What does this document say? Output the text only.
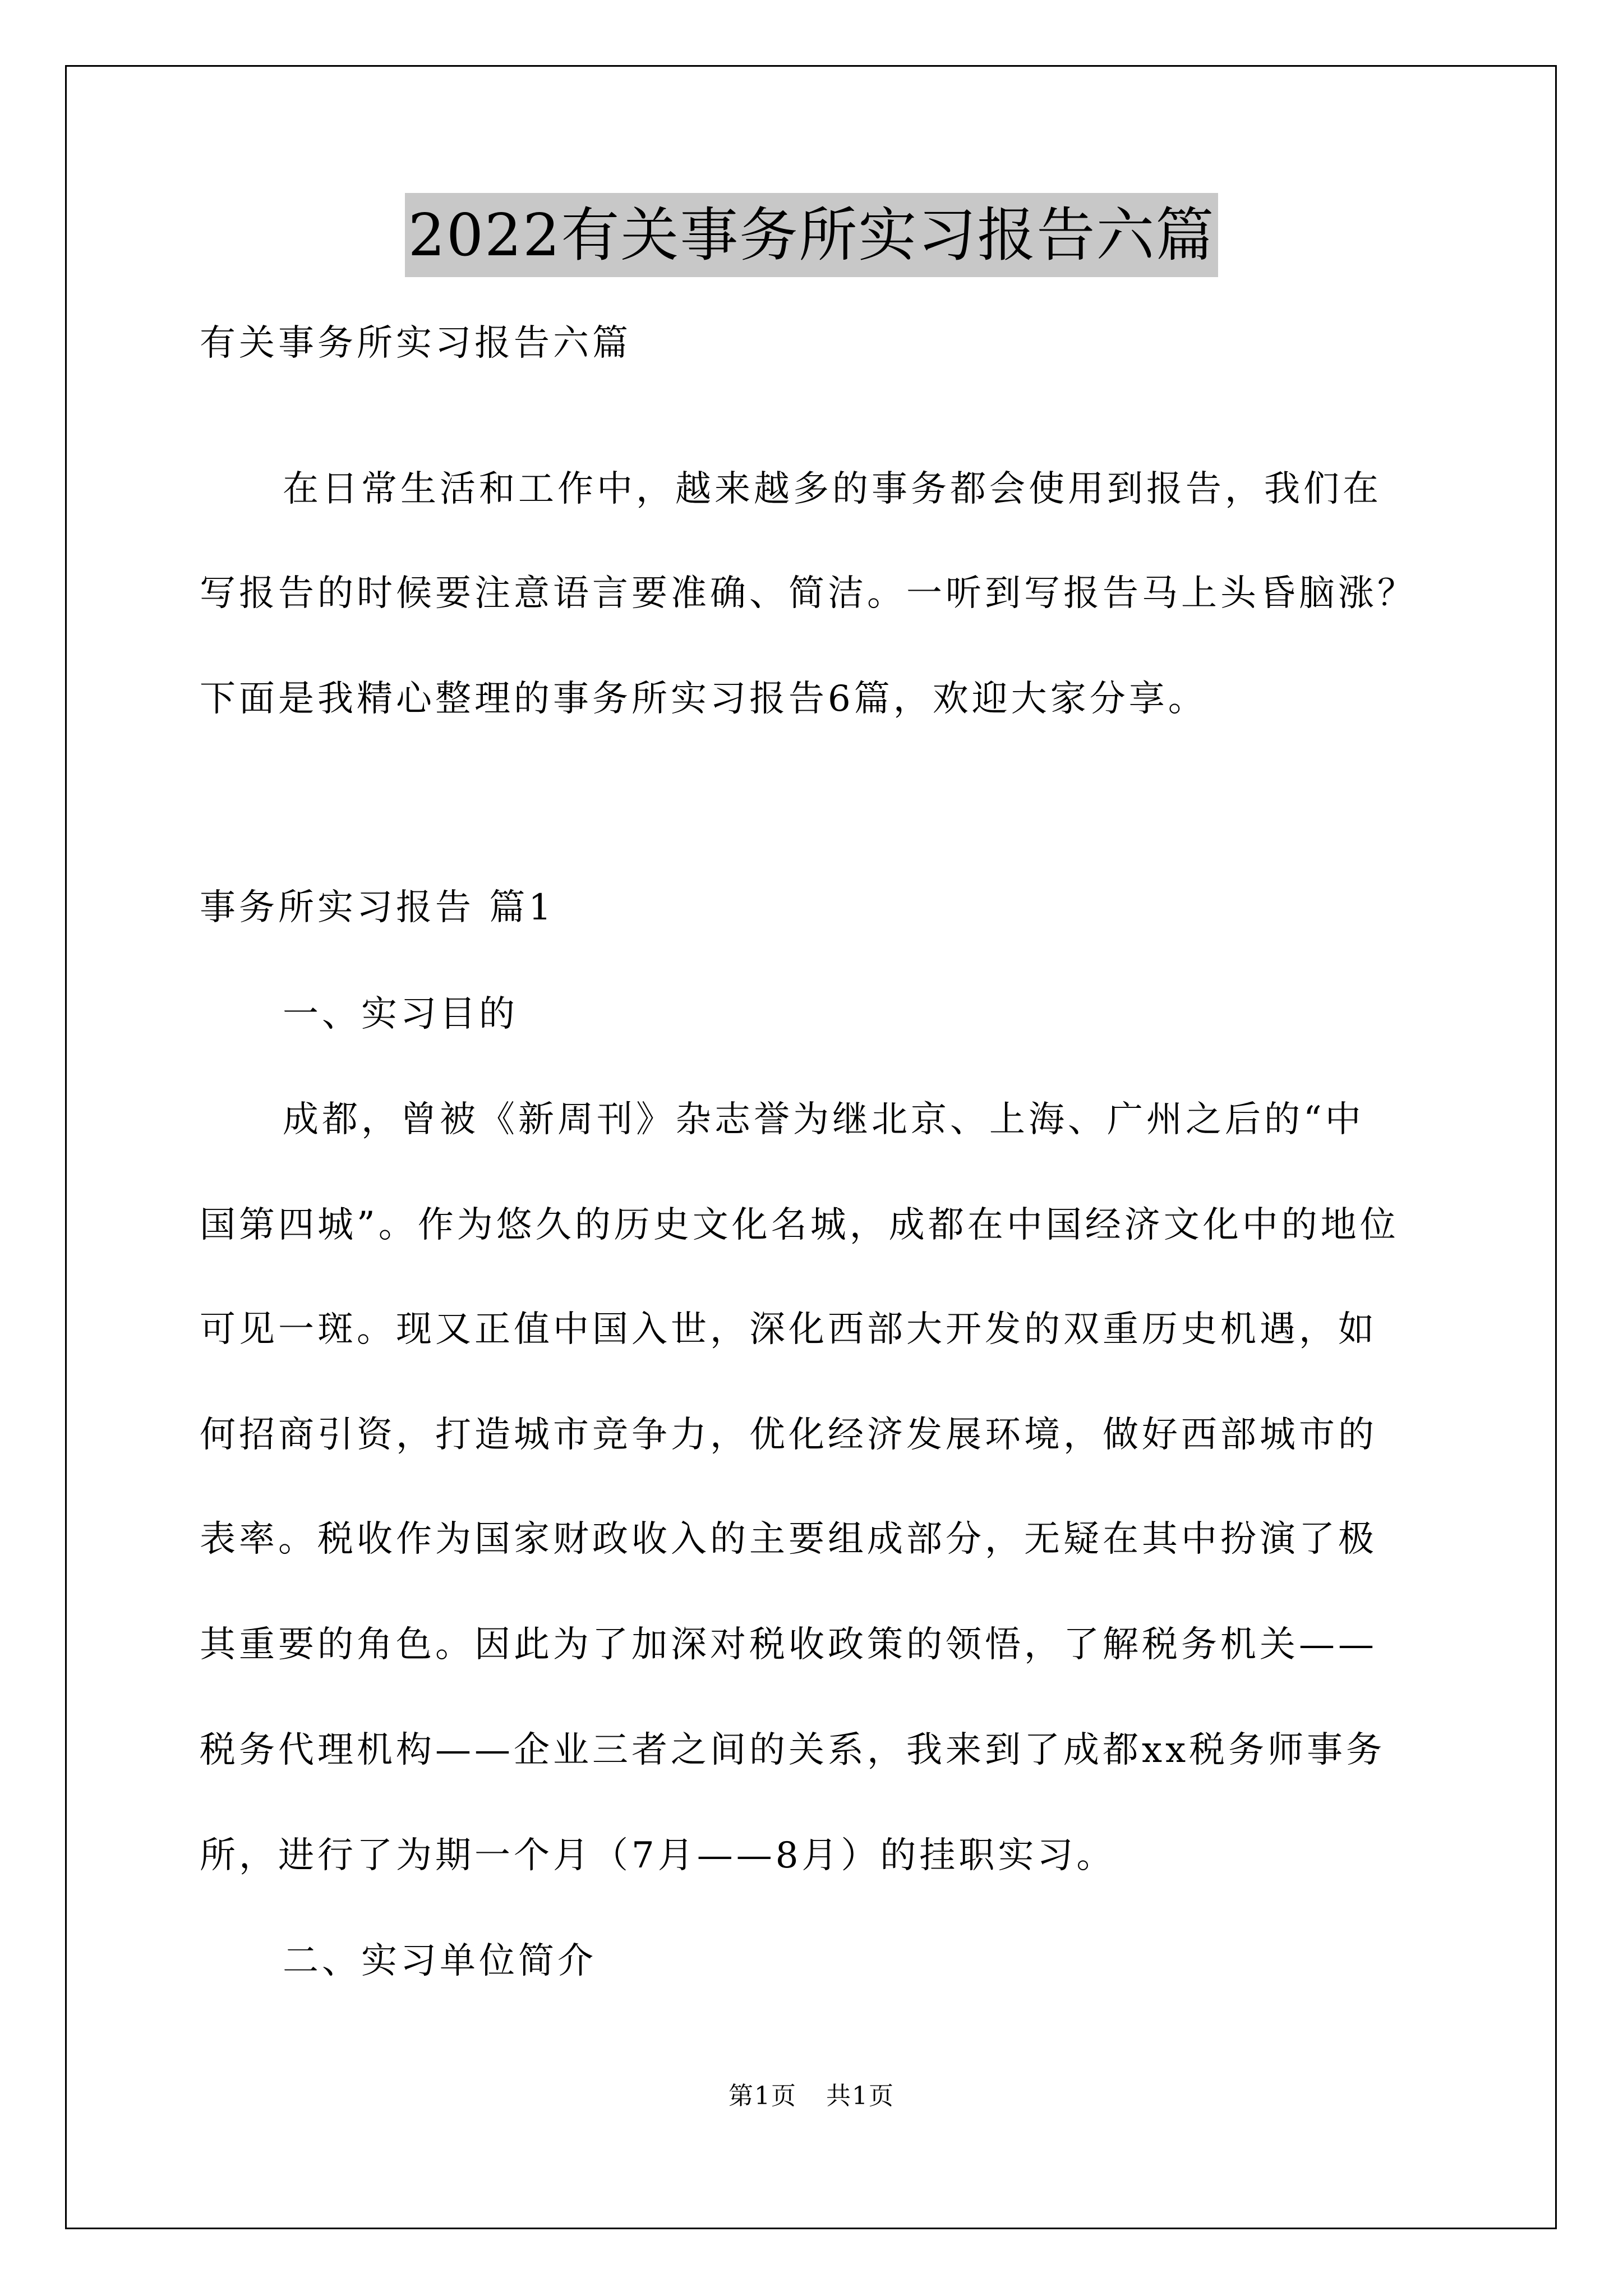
2022有关事务所实习报告六篇
有关事务所实习报告六篇
在日常生活和工作中，越来越多的事务都会使用到报告，我们在
写报告的时候要注意语言要准确、简洁。一听到写报告马上头昏脑涨？
下面是我精心整理的事务所实习报告6篇，欢迎大家分享。
事务所实习报告 篇1
一、实习目的
成都，曾被《新周刊》杂志誉为继北京、上海、广州之后的“中
国第四城”。作为悠久的历史文化名城，成都在中国经济文化中的地位
可见一斑。现又正值中国入世，深化西部大开发的双重历史机遇，如
何招商引资，打造城市竞争力，优化经济发展环境，做好西部城市的
表率。税收作为国家财政收入的主要组成部分，无疑在其中扮演了极
其重要的角色。因此为了加深对税收政策的领悟，了解税务机关——
税务代理机构——企业三者之间的关系，我来到了成都xx税务师事务
所，进行了为期一个月（7月——8月）的挂职实习。
二、实习单位简介
第1页 共1页
